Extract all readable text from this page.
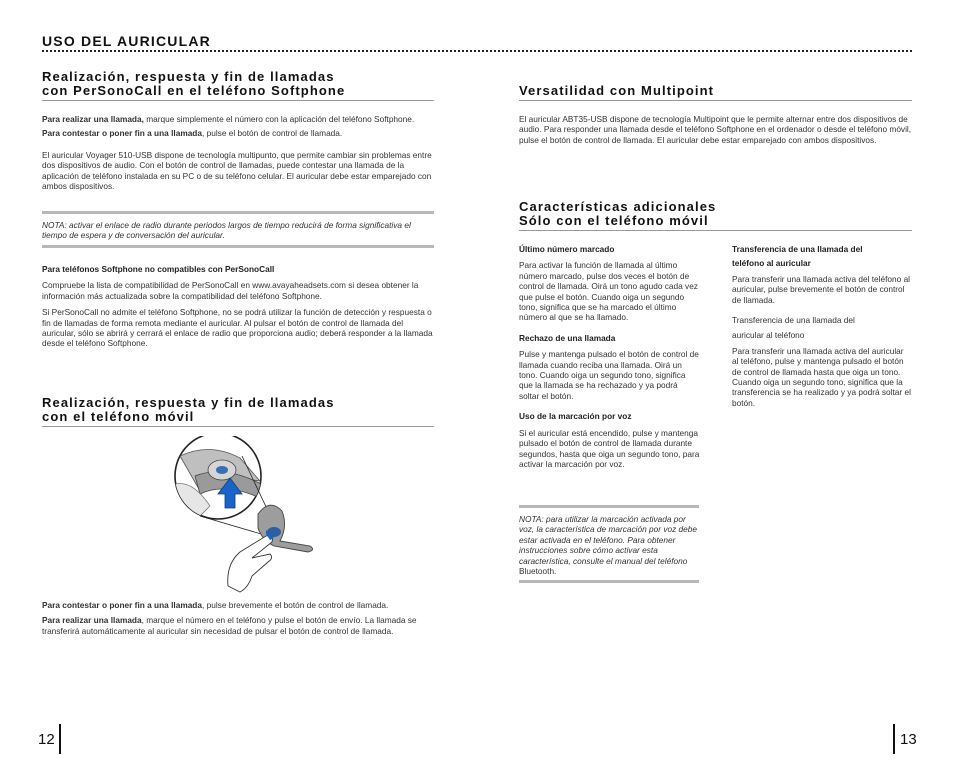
USO DEL AURICULAR
Realización, respuesta y fin de llamadas
con PerSonoCall en el teléfono Softphone

Para realizar una llamada, marque simplemente el número con la aplicación del teléfono Softphone.

Para contestar o poner fin a una llamada, pulse el botón de control de llamada.

El auricular Voyager 510-USB dispone de tecnología multipunto, que permite cambiar sin problemas entre dos dispositivos de audio. Con el botón de control de llamadas, puede contestar una llamada de la aplicación de teléfono instalada en su PC o de su teléfono celular. El auricular debe estar emparejado con ambos dispositivos.

NOTA: activar el enlace de radio durante periodos largos de tiempo reducirá de forma significativa el tiempo de espera y de conversación del auricular.

Para teléfonos Softphone no compatibles con PerSonoCall

Compruebe la lista de compatibilidad de PerSonoCall en www.avayaheadsets.com si desea obtener la información más actualizada sobre la compatibilidad del teléfono Softphone.

Si PerSonoCall no admite el teléfono Softphone, no se podrá utilizar la función de detección y respuesta o fin de llamadas de forma remota mediante el auricular. Al pulsar el botón de control de llamada del auricular, sólo se abrirá y cerrará el enlace de radio que proporciona audio; deberá responder a la llamada desde el teléfono Softphone.

Realización, respuesta y fin de llamadas
con el teléfono móvil

Para contestar o poner fin a una llamada, pulse brevemente el botón de control de llamada.

Para realizar una llamada, marque el número en el teléfono y pulse el botón de envío. La llamada se transferirá automáticamente al auricular sin necesidad de pulsar el botón de control de llamada.

12
Versatilidad con Multipoint

El auricular ABT35-USB dispone de tecnología Multipoint que le permite alternar entre dos dispositivos de audio. Para responder una llamada desde el teléfono Softphone en el ordenador o desde el teléfono móvil, pulse el botón de control de llamada. El auricular debe estar emparejado con ambos dispositivos.

Características adicionales
Sólo con el teléfono móvil
Último número marcado

Para activar la función de llamada al último número marcado, pulse dos veces el botón de control de llamada. Oirá un tono agudo cada vez que pulse el botón. Cuando oiga un segundo tono, significa que se ha marcado el último número al que se ha llamado.

Rechazo de una llamada

Pulse y mantenga pulsado el botón de control de llamada cuando reciba una llamada. Oirá un tono. Cuando oiga un segundo tono, significa que la llamada se ha rechazado y ya podrá soltar el botón.

Uso de la marcación por voz

Si el auricular está encendido, pulse y mantenga pulsado el botón de control de llamada durante segundos, hasta que oiga un segundo tono, para activar la marcación por voz.

NOTA: para utilizar la marcación activada por voz, la característica de marcación por voz debe estar activada en el teléfono. Para obtener instrucciones sobre cómo activar esta característica, consulte el manual del teléfono Bluetooth.

Transferencia de una llamada del
teléfono al auricular

Para transferir una llamada activa del teléfono al auricular, pulse brevemente el botón de control de llamada.

Transferencia de una llamada del

auricular al teléfono

Para transferir una llamada activa del auricular al teléfono, pulse y mantenga pulsado el botón de control de llamada hasta que oiga un tono. Cuando oiga un segundo tono, significa que la transferencia se ha realizado y ya podrá soltar el botón.

13
